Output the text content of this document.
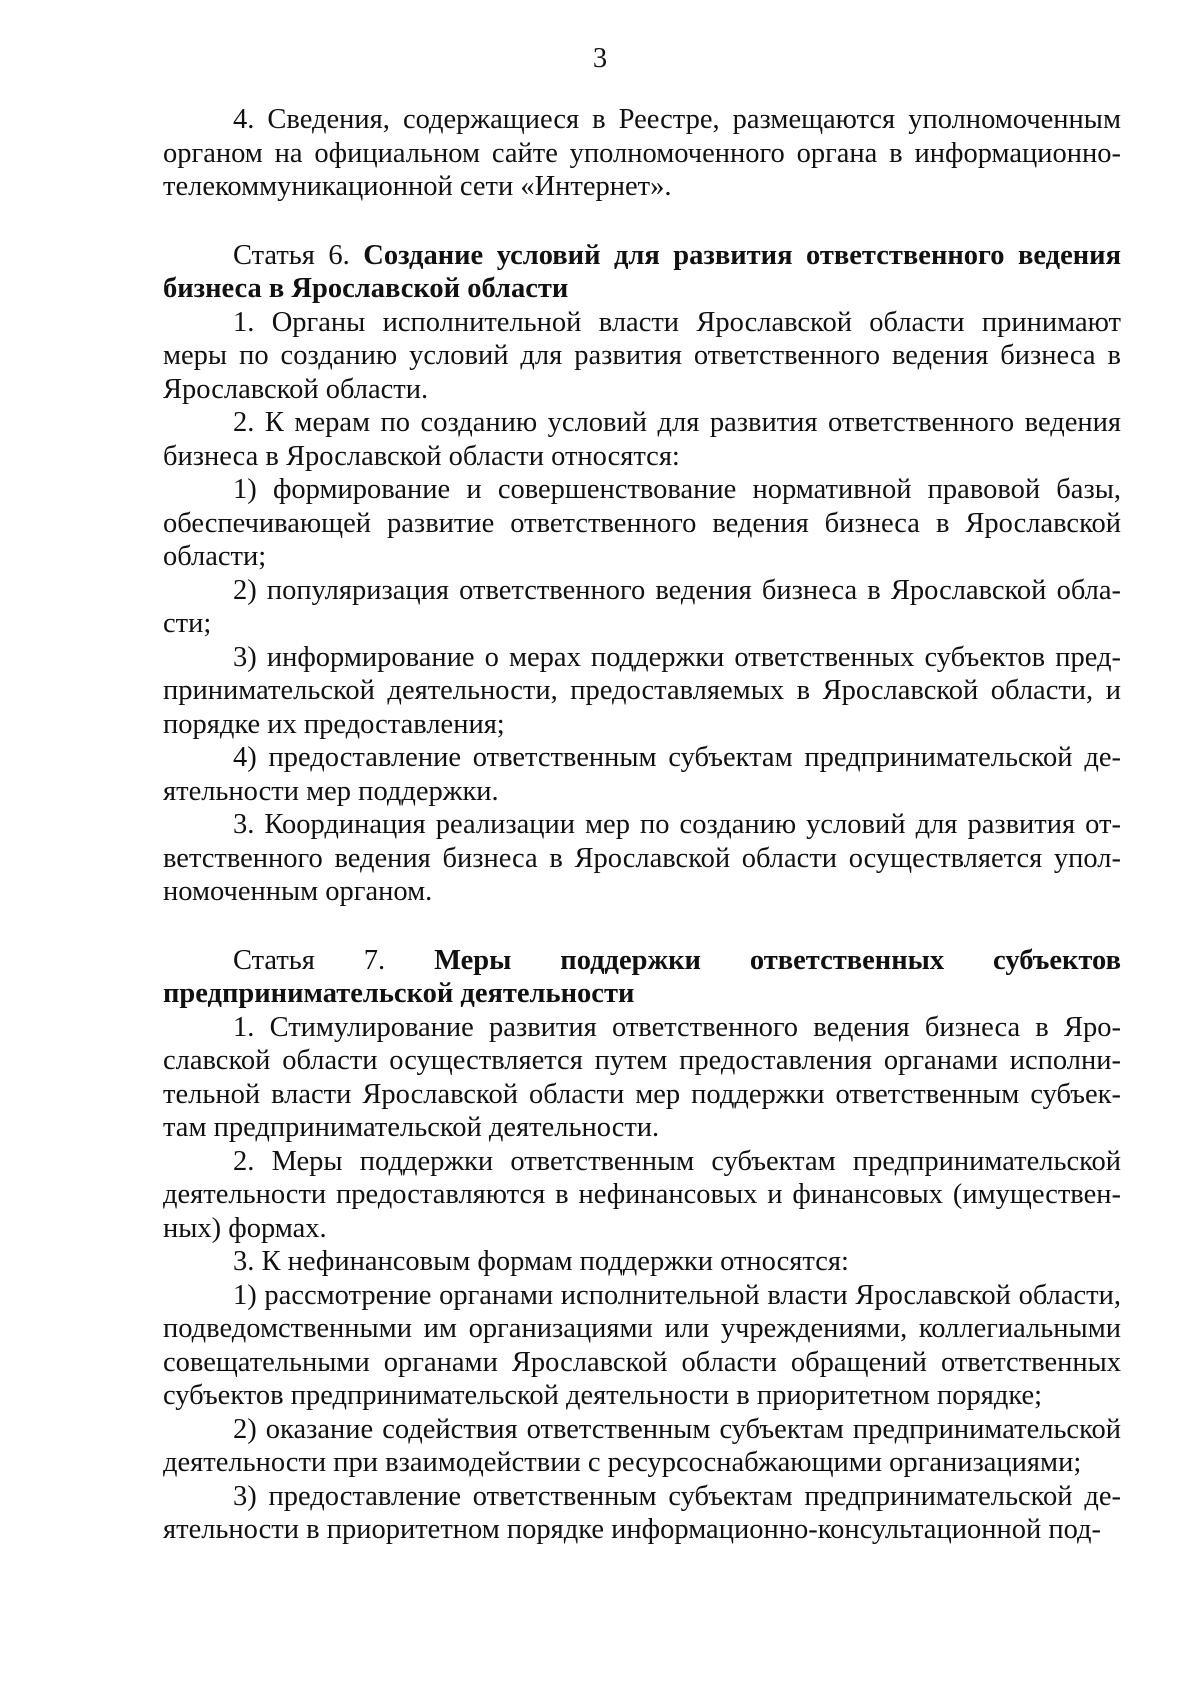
3

4. Сведения, содержащиеся в Реестре, размещаются уполномоченным органом на официальном сайте уполномоченного органа в информационно-телекоммуникационной сети «Интернет».

Статья 6. Создание условий для развития ответственного ведения бизнеса в Ярославской области

1. Органы исполнительной власти Ярославской области принимают меры по созданию условий для развития ответственного ведения бизнеса в Ярославской области.

2. К мерам по созданию условий для развития ответственного ведения бизнеса в Ярославской области относятся:

1) формирование и совершенствование нормативной правовой базы, обеспечивающей развитие ответственного ведения бизнеса в Ярославской области;

2) популяризация ответственного ведения бизнеса в Ярославской области;

3) информирование о мерах поддержки ответственных субъектов предпринимательской деятельности, предоставляемых в Ярославской области, и порядке их предоставления;

4) предоставление ответственным субъектам предпринимательской деятельности мер поддержки.

3. Координация реализации мер по созданию условий для развития ответственного ведения бизнеса в Ярославской области осуществляется уполномоченным органом.

Статья 7. Меры поддержки ответственных субъектов предпринимательской деятельности

1. Стимулирование развития ответственного ведения бизнеса в Ярославской области осуществляется путем предоставления органами исполнительной власти Ярославской области мер поддержки ответственным субъектам предпринимательской деятельности.

2. Меры поддержки ответственным субъектам предпринимательской деятельности предоставляются в нефинансовых и финансовых (имущественных) формах.

3. К нефинансовым формам поддержки относятся:

1) рассмотрение органами исполнительной власти Ярославской области, подведомственными им организациями или учреждениями, коллегиальными совещательными органами Ярославской области обращений ответственных субъектов предпринимательской деятельности в приоритетном порядке;

2) оказание содействия ответственным субъектам предпринимательской деятельности при взаимодействии с ресурсоснабжающими организациями;

3) предоставление ответственным субъектам предпринимательской деятельности в приоритетном порядке информационно-консультационной под-
